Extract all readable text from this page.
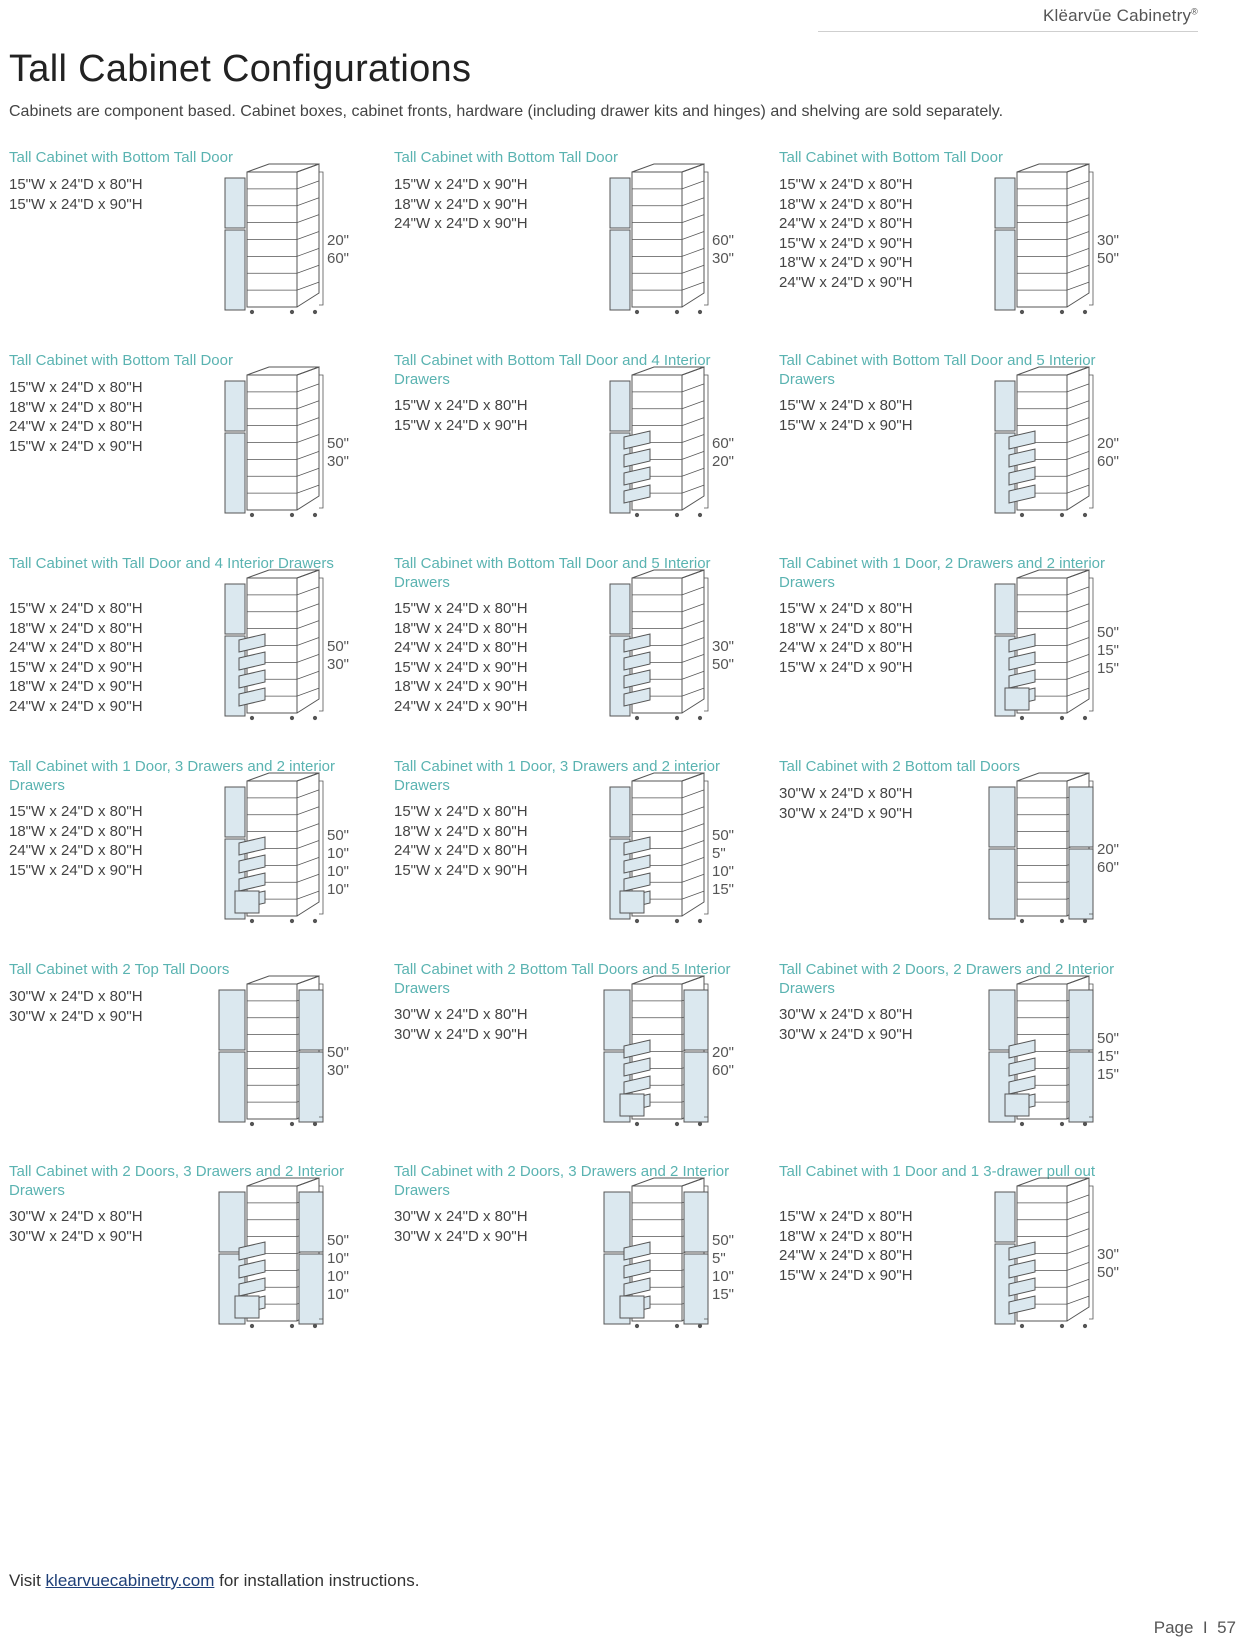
Klëarvūe Cabinetry®
Tall Cabinet Configurations
Cabinets are component based. Cabinet boxes, cabinet fronts, hardware (including drawer kits and hinges) and shelving are sold separately.
Tall Cabinet with Bottom Tall Door
15"W x 24"D x 80"H
15"W x 24"D x 90"H
20"
60"
Tall Cabinet with Bottom Tall Door
15"W x 24"D x 90"H
18"W x 24"D x 90"H
24"W x 24"D x 90"H
60"
30"
Tall Cabinet with Bottom Tall Door
15"W x 24"D x 80"H
18"W x 24"D x 80"H
24"W x 24"D x 80"H
15"W x 24"D x 90"H
18"W x 24"D x 90"H
24"W x 24"D x 90"H
30"
50"
Tall Cabinet with Bottom Tall Door
15"W x 24"D x 80"H
18"W x 24"D x 80"H
24"W x 24"D x 80"H
15"W x 24"D x 90"H	50"
30"
Tall Cabinet with Bottom Tall Door and 4 Interior Drawers
15"W x 24"D x 80"H
15"W x 24"D x 90"H
60"
20"
Tall Cabinet with Bottom Tall Door and 5 Interior Drawers
15"W x 24"D x 80"H
15"W x 24"D x 90"H
20"
60"
Tall Cabinet with Tall Door and 4 Interior Drawers
15"W x 24"D x 80"H
18"W x 24"D x 80"H
24"W x 24"D x 80"H
15"W x 24"D x 90"H
18"W x 24"D x 90"H
24"W x 24"D x 90"H
50"
30"
Tall Cabinet with Bottom Tall Door and 5 Interior Drawers
15"W x 24"D x 80"H
18"W x 24"D x 80"H
24"W x 24"D x 80"H
15"W x 24"D x 90"H
18"W x 24"D x 90"H
24"W x 24"D x 90"H
30"
50"
Tall Cabinet with 1 Door, 2 Drawers and 2 interior Drawers
15"W x 24"D x 80"H
18"W x 24"D x 80"H
24"W x 24"D x 80"H
15"W x 24"D x 90"H
50"
15"
15"
Tall Cabinet with 1 Door, 3 Drawers and 2 interior Drawers
15"W x 24"D x 80"H
18"W x 24"D x 80"H
24"W x 24"D x 80"H
15"W x 24"D x 90"H
50"
10"
10"
10"
Tall Cabinet with 1 Door, 3 Drawers and 2 interior Drawers
15"W x 24"D x 80"H
18"W x 24"D x 80"H
24"W x 24"D x 80"H
15"W x 24"D x 90"H
50"
5"
10"
15"
Tall Cabinet with 2 Bottom tall Doors
30"W x 24"D x 80"H
30"W x 24"D x 90"H
20"
60"
Tall Cabinet with 2 Top Tall Doors
30"W x 24"D x 80"H
30"W x 24"D x 90"H
50"
30"
Tall Cabinet with 2 Bottom Tall Doors and 5 Interior Drawers
30"W x 24"D x 80"H
30"W x 24"D x 90"H
20"
60"
Tall Cabinet with 2 Doors, 2 Drawers and 2 Interior Drawers
30"W x 24"D x 80"H
30"W x 24"D x 90"H	50"
15"
15"
Tall Cabinet with 2 Doors, 3 Drawers and 2 Interior Drawers
30"W x 24"D x 80"H
30"W x 24"D x 90"H	50"
10"
10"
10"
Tall Cabinet with 2 Doors, 3 Drawers and 2 Interior Drawers
30"W x 24"D x 80"H
30"W x 24"D x 90"H	50"
5"
10"
15"
Tall Cabinet with 1 Door and 1 3-drawer pull out
15"W x 24"D x 80"H
18"W x 24"D x 80"H
24"W x 24"D x 80"H
15"W x 24"D x 90"H
30"
50"
Visit klearvuecabinetry.com for installation instructions.
Page I 57
